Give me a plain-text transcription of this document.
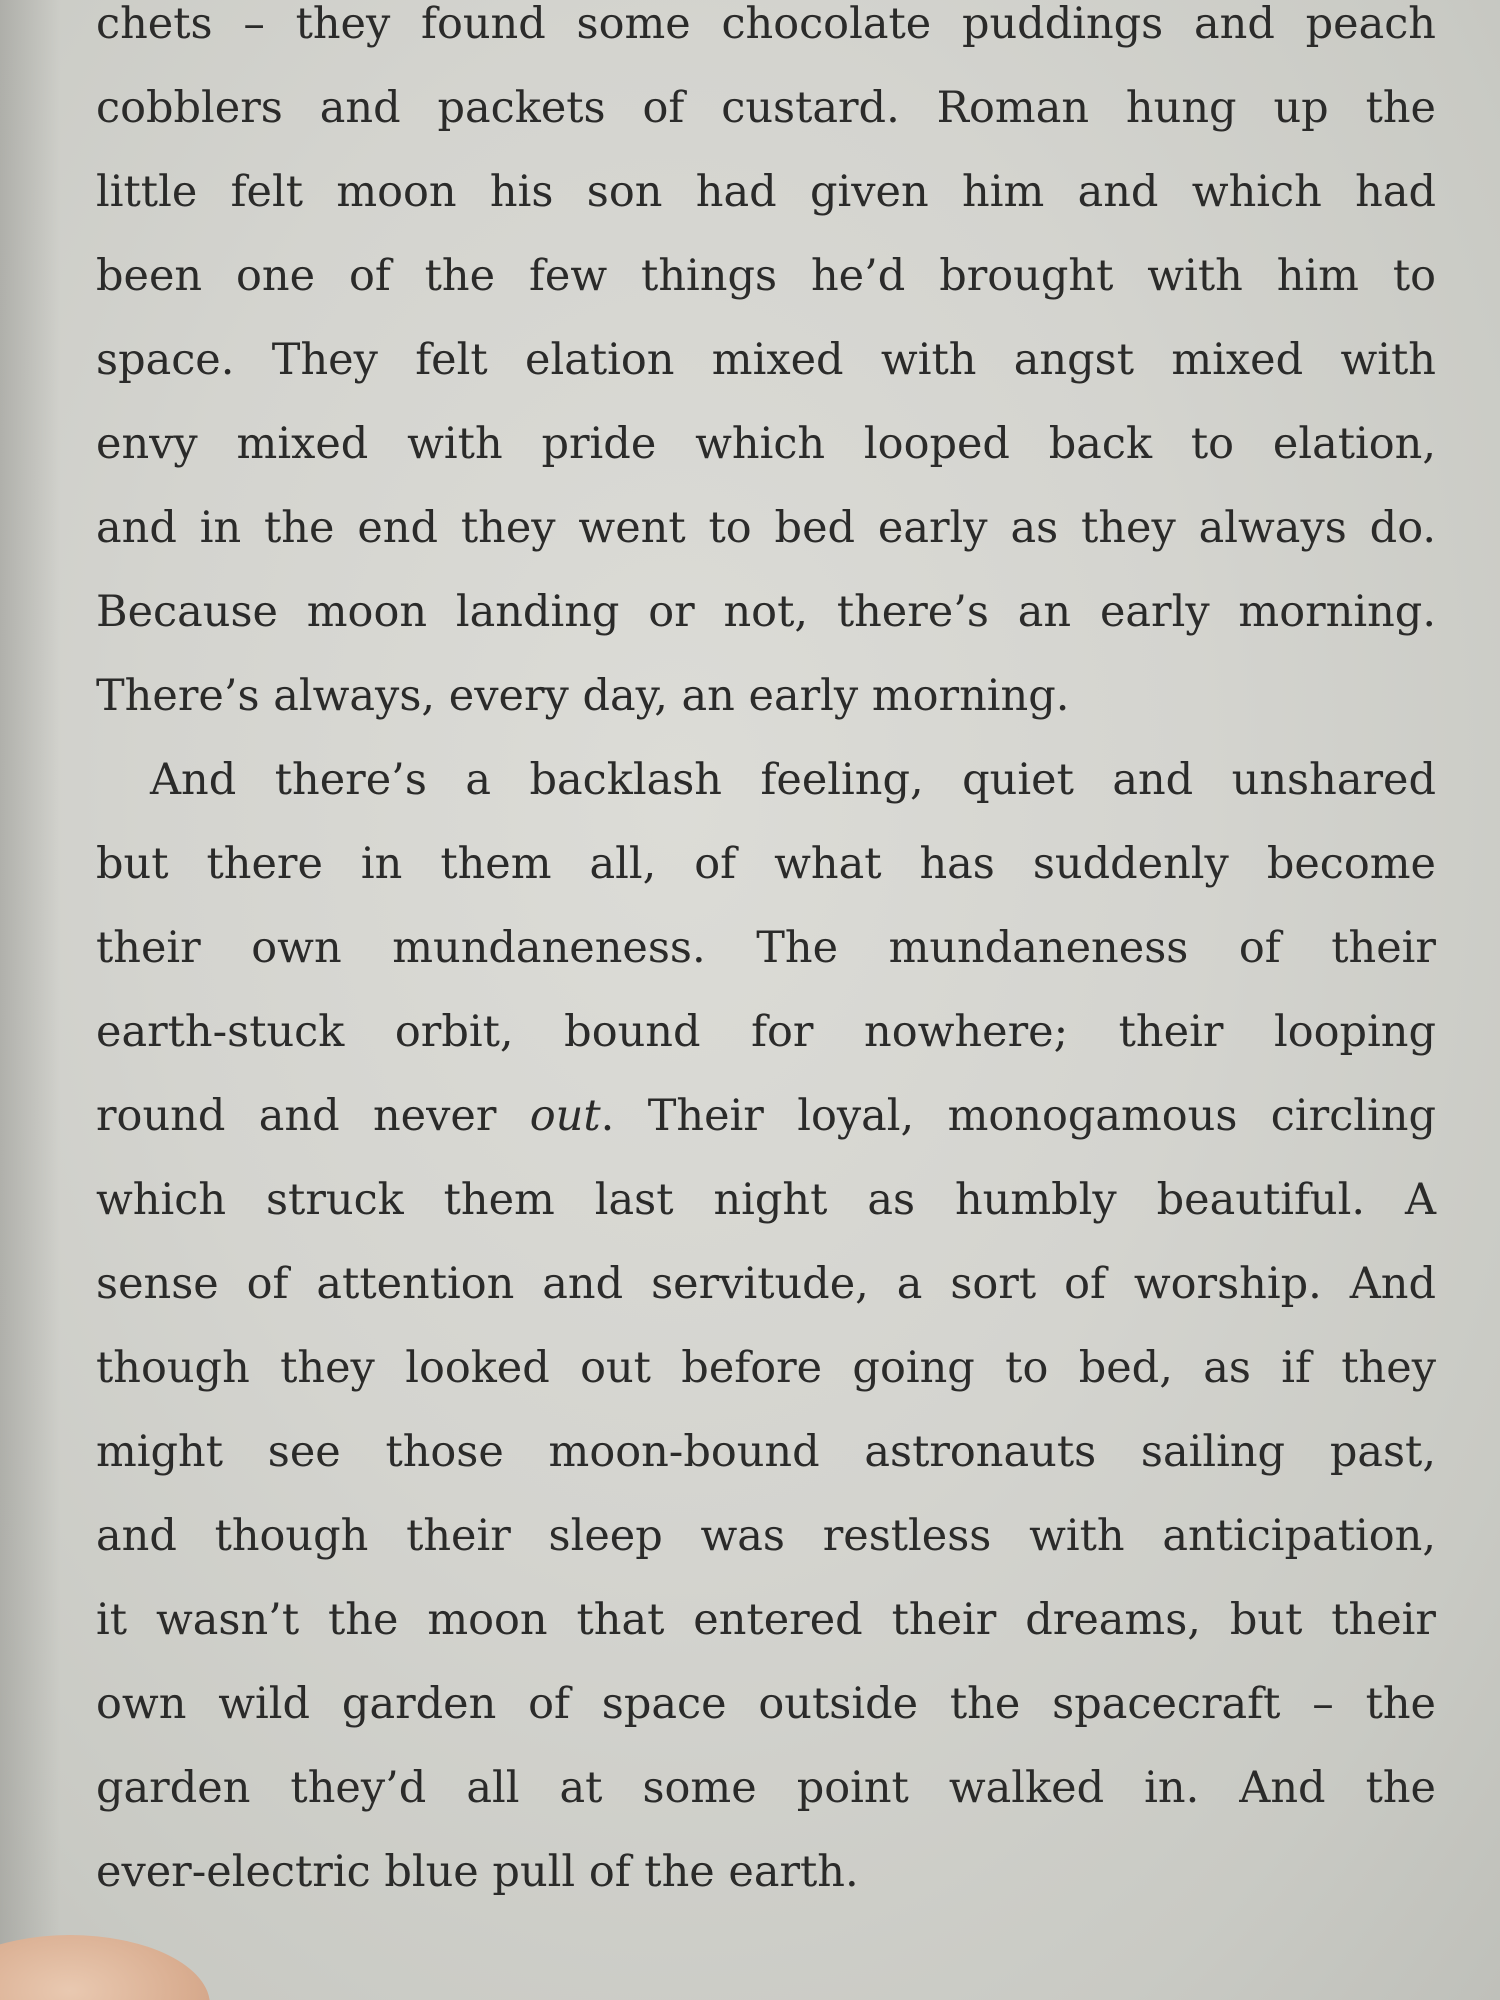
chets – they found some chocolate puddings and peach
cobblers and packets of custard. Roman hung up the
little felt moon his son had given him and which had
been one of the few things he’d brought with him to
space. They felt elation mixed with angst mixed with
envy mixed with pride which looped back to elation,
and in the end they went to bed early as they always do.
Because moon landing or not, there’s an early morning.
There’s always, every day, an early morning.
And there’s a backlash feeling, quiet and unshared
but there in them all, of what has suddenly become
their own mundaneness. The mundaneness of their
earth-stuck orbit, bound for nowhere; their looping
round and never out. Their loyal, monogamous circling
which struck them last night as humbly beautiful. A
sense of attention and servitude, a sort of worship. And
though they looked out before going to bed, as if they
might see those moon-bound astronauts sailing past,
and though their sleep was restless with anticipation,
it wasn’t the moon that entered their dreams, but their
own wild garden of space outside the spacecraft – the
garden they’d all at some point walked in. And the
ever-electric blue pull of the earth.
